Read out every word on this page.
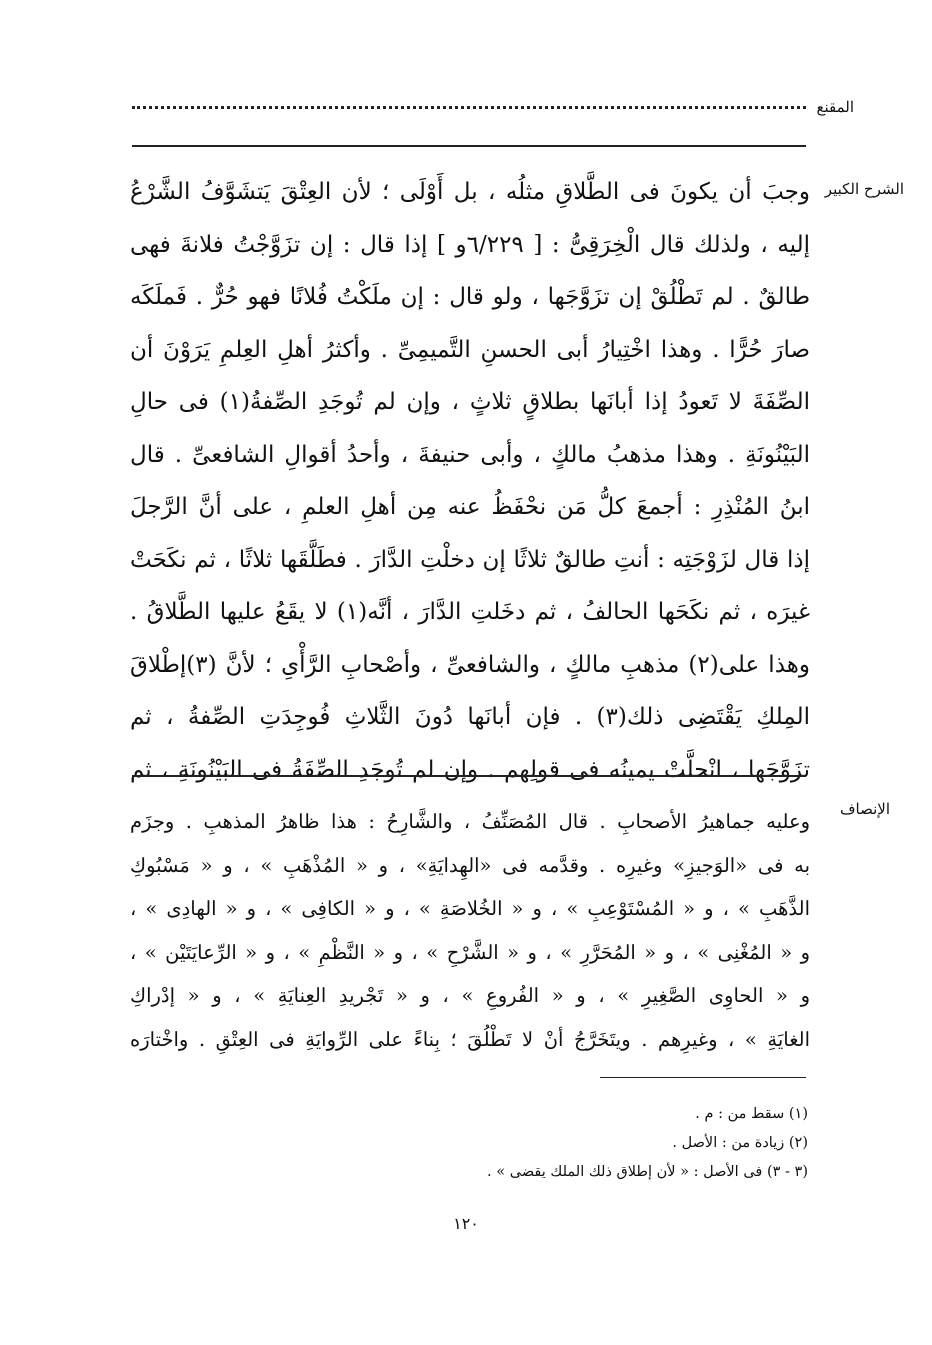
المقنع
الشرح الكبير
وجبَ أن يكونَ فى الطَّلاقِ مثلُه ، بل أَوْلَى ؛ لأن العِتْقَ يَتشَوَّفُ الشَّرْعُ
إليه ، ولذلك قال الْخِرَقِىُّ : [ ٦/٢٢٩و ] إذا قال : إن تزَوَّجْتُ فلانةَ فهى
طالقٌ . لم تَطْلُقْ إن تزَوَّجَها ، ولو قال : إن ملَكْتُ فُلانًا فهو حُرٌّ . فَملَكَه
صارَ حُرًّا . وهذا اخْتِيارُ أبى الحسنِ التَّميمِىِّ . وأكثرُ أهلِ العِلمِ يَرَوْنَ أن
الصِّفَةَ لا تَعودُ إذا أبانَها بطلاقٍ ثلاثٍ ، وإن لم تُوجَدِ الصِّفةُ(١) فى حالِ
البَيْنُونَةِ . وهذا مذهبُ مالكٍ ، وأبى حنيفةَ ، وأحدُ أقوالِ الشافعىِّ . قال
ابنُ المُنْذِرِ : أجمعَ كلُّ مَن نحْفَظُ عنه مِن أهلِ العلمِ ، على أنَّ الرَّجلَ
إذا قال لزَوْجَتِه : أنتِ طالقٌ ثلاثًا إن دخلْتِ الدَّارَ . فطَلَّقَها ثلاثًا ، ثم نكَحَتْ
غيرَه ، ثم نكَحَها الحالفُ ، ثم دخَلتِ الدَّارَ ، أنَّه(١) لا يقَعُ عليها الطَّلاقُ .
وهذا على(٢) مذهبِ مالكٍ ، والشافعىِّ ، وأصْحابِ الرَّأْىِ ؛ لأنَّ (٣)إطْلاقَ
المِلكِ يَقْتَضِى ذلك(٣) . فإن أبانَها دُونَ الثَّلاثِ فُوجِدَتِ الصِّفةُ ، ثم
تزَوَّجَها ، انْحلَّتْ يمينُه فى قولِهم . وإن لم تُوجَدِ الصِّفَةُ فى البَيْنُونَةِ ، ثم
الإنصاف
وعليه جماهيرُ الأصحابِ . قال المُصَنِّفُ ، والشَّارِحُ : هذا ظاهرُ المذهبِ . وجزَم
به فى «الوَجيزِ» وغيرِه . وقدَّمه فى «الهِدايَةِ» ، و « المُذْهَبِ » ، و « مَسْبُوكِ
الذَّهَبِ » ، و « المُسْتَوْعِبِ » ، و « الخُلاصَةِ » ، و « الكافِى » ، و « الهادِى » ،
و « المُغْنِى » ، و « المُحَرَّرِ » ، و « الشَّرْحِ » ، و « النَّظْمِ » ، و « الرِّعايَتَيْن » ،
و « الحاوِى الصَّغِيرِ » ، و « الفُروعِ » ، و « تَجْريدِ العِنايَةِ » ، و « إدْراكِ
الغايَةِ » ، وغيرِهم . ويتَخَرَّجُ أنْ لا تَطْلُقَ ؛ بِناءً على الرِّوايَةِ فى العِتْقِ . واخْتارَه
(١) سقط من : م .
(٢) زيادة من : الأصل .
(٣ - ٣) فى الأصل : « لأن إطلاق ذلك الملك يقضى » .
١٢٠
